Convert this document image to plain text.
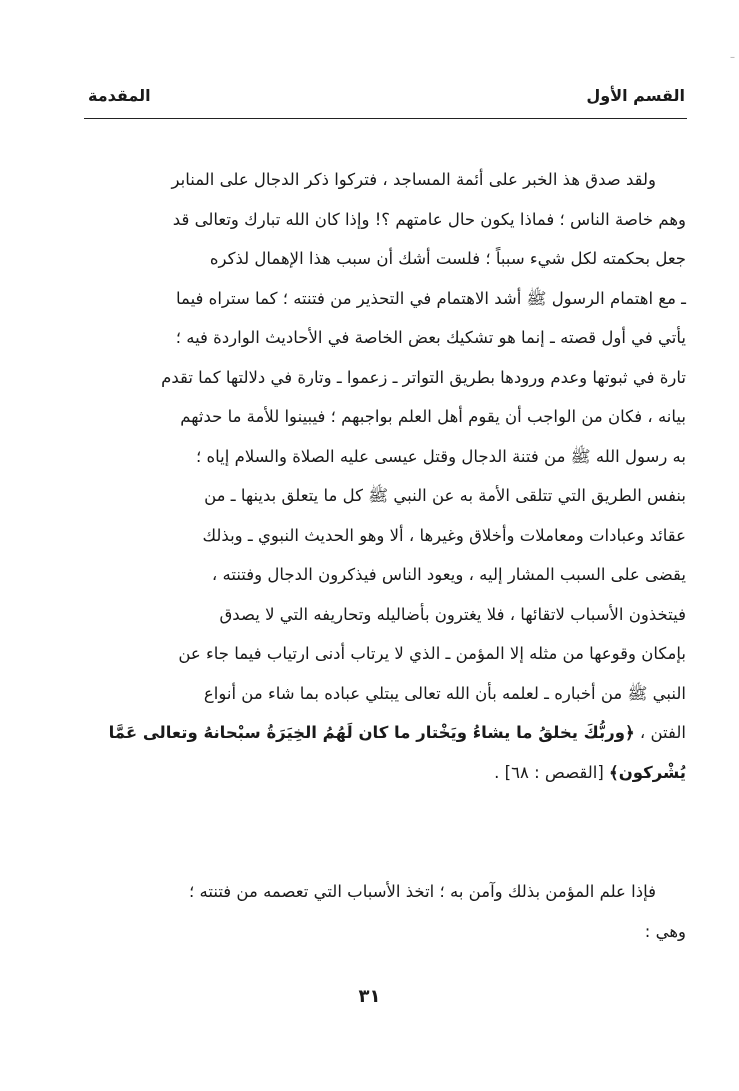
–
القسم الأول
المقدمة
ولقد صدق هذ الخبر على أئمة المساجد ، فتركوا ذكر الدجال على المنابر
وهم خاصة الناس ؛ فماذا يكون حال عامتهم ؟! وإذا كان الله تبارك وتعالى قد
جعل بحكمته لكل شيء سبباً ؛ فلست أشك أن سبب هذا الإهمال لذكره
ـ مع اهتمام الرسول ﷺ أشد الاهتمام في التحذير من فتنته ؛ كما ستراه فيما
يأتي في أول قصته ـ إنما هو تشكيك بعض الخاصة في الأحاديث الواردة فيه ؛
تارة في ثبوتها وعدم ورودها بطريق التواتر ـ زعموا ـ وتارة في دلالتها كما تقدم
بيانه ، فكان من الواجب أن يقوم أهل العلم بواجبهم ؛ فيبينوا للأمة ما حدثهم
به رسول الله ﷺ من فتنة الدجال وقتل عيسى عليه الصلاة والسلام إياه ؛
بنفس الطريق التي تتلقى الأمة به عن النبي ﷺ كل ما يتعلق بدينها ـ من
عقائد وعبادات ومعاملات وأخلاق وغيرها ، ألا وهو الحديث النبوي ـ وبذلك
يقضى على السبب المشار إليه ، ويعود الناس فيذكرون الدجال وفتنته ،
فيتخذون الأسباب لاتقائها ، فلا يغترون بأضاليله وتحاريفه التي لا يصدق
بإمكان وقوعها من مثله إلا المؤمن ـ الذي لا يرتاب أدنى ارتياب فيما جاء عن
النبي ﷺ من أخباره ـ لعلمه بأن الله تعالى يبتلي عباده بما شاء من أنواع
الفتن ، ﴿وربُّكَ يخلقُ ما يشاءُ ويَخْتار ما كان لَهُمُ الخِيَرَةُ سبْحانهُ وتعالى عَمَّا
يُشْركون﴾ [القصص : ٦٨] .
فإذا علم المؤمن بذلك وآمن به ؛ اتخذ الأسباب التي تعصمه من فتنته ؛
وهي :
٣١
